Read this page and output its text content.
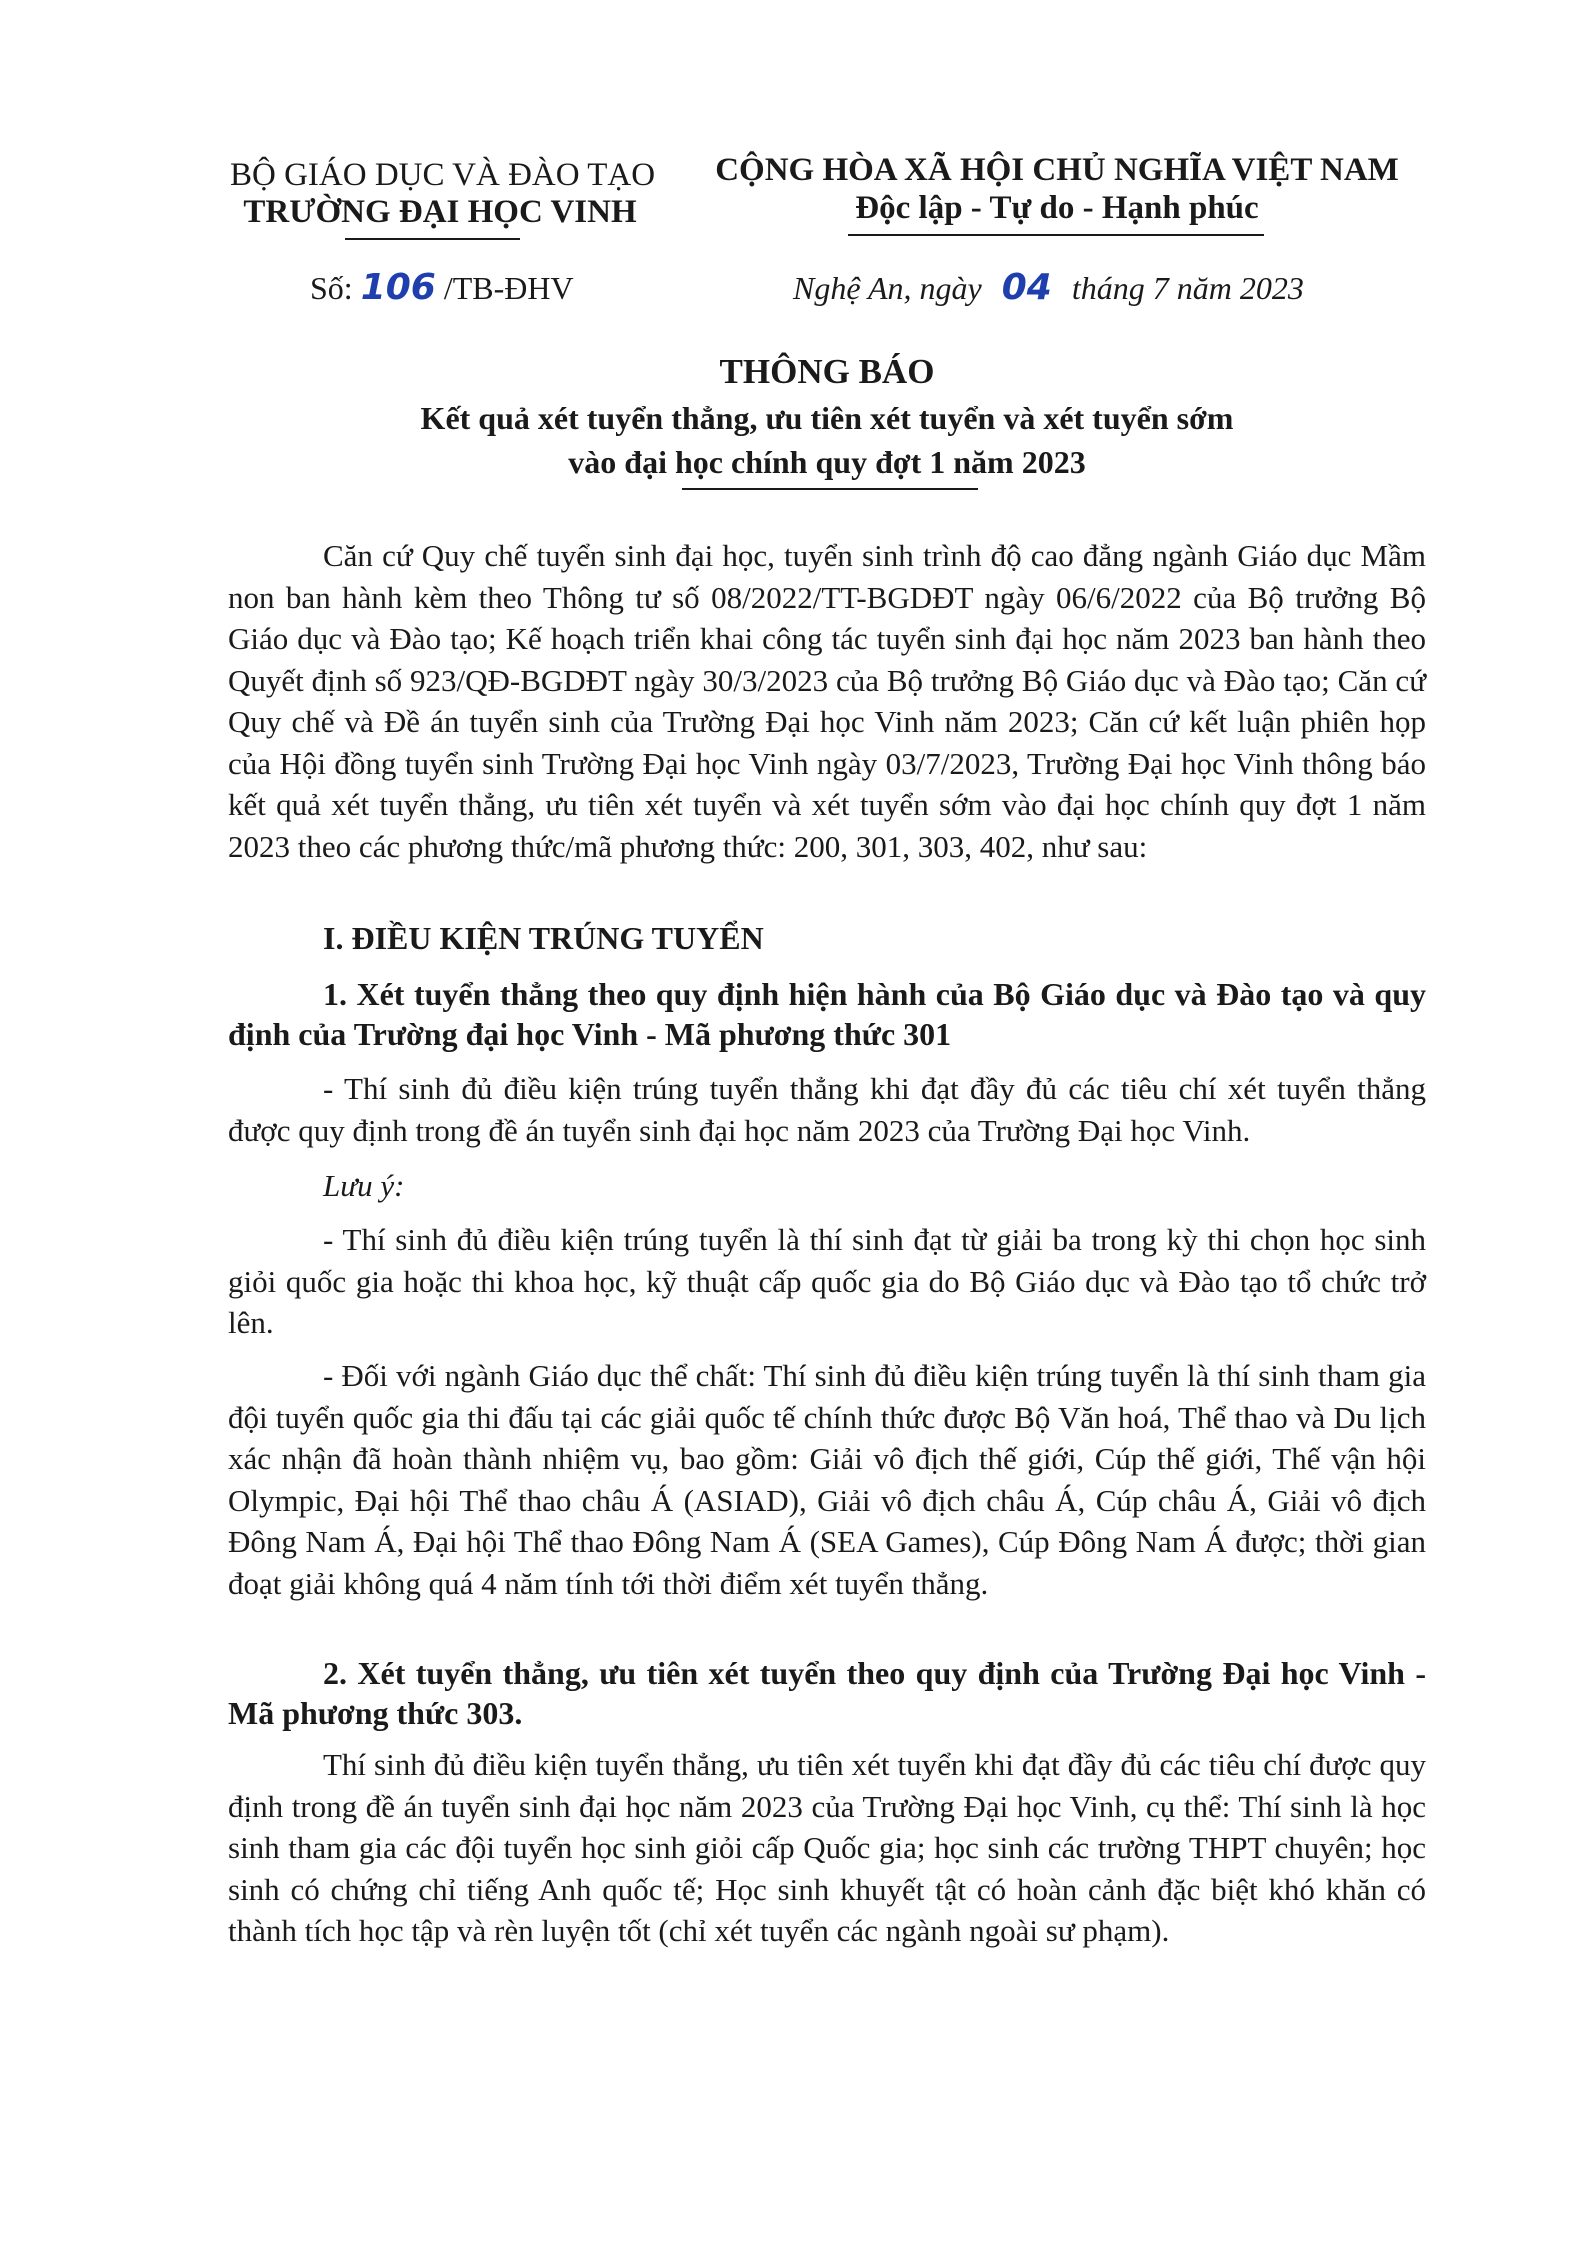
BỘ GIÁO DỤC VÀ ĐÀO TẠO
TRƯỜNG ĐẠI HỌC VINH
CỘNG HÒA XÃ HỘI CHỦ NGHĨA VIỆT NAM
Độc lập - Tự do - Hạnh phúc
Số: 106 /TB-ĐHV	Nghệ An, ngày 04 tháng 7 năm 2023
THÔNG BÁO
Kết quả xét tuyển thẳng, ưu tiên xét tuyển và xét tuyển sớm
vào đại học chính quy đợt 1 năm 2023

Căn cứ Quy chế tuyển sinh đại học, tuyển sinh trình độ cao đẳng ngành Giáo dục Mầm non ban hành kèm theo Thông tư số 08/2022/TT-BGDĐT ngày 06/6/2022 của Bộ trưởng Bộ Giáo dục và Đào tạo; Kế hoạch triển khai công tác tuyển sinh đại học năm 2023 ban hành theo Quyết định số 923/QĐ-BGDĐT ngày 30/3/2023 của Bộ trưởng Bộ Giáo dục và Đào tạo; Căn cứ Quy chế và Đề án tuyển sinh của Trường Đại học Vinh năm 2023; Căn cứ kết luận phiên họp của Hội đồng tuyển sinh Trường Đại học Vinh ngày 03/7/2023, Trường Đại học Vinh thông báo kết quả xét tuyển thẳng, ưu tiên xét tuyển và xét tuyển sớm vào đại học chính quy đợt 1 năm 2023 theo các phương thức/mã phương thức: 200, 301, 303, 402, như sau:

I. ĐIỀU KIỆN TRÚNG TUYỂN

1. Xét tuyển thẳng theo quy định hiện hành của Bộ Giáo dục và Đào tạo và quy định của Trường đại học Vinh - Mã phương thức 301

- Thí sinh đủ điều kiện trúng tuyển thẳng khi đạt đầy đủ các tiêu chí xét tuyển thẳng được quy định trong đề án tuyển sinh đại học năm 2023 của Trường Đại học Vinh.

Lưu ý:

- Thí sinh đủ điều kiện trúng tuyển là thí sinh đạt từ giải ba trong kỳ thi chọn học sinh giỏi quốc gia hoặc thi khoa học, kỹ thuật cấp quốc gia do Bộ Giáo dục và Đào tạo tổ chức trở lên.

- Đối với ngành Giáo dục thể chất: Thí sinh đủ điều kiện trúng tuyển là thí sinh tham gia đội tuyển quốc gia thi đấu tại các giải quốc tế chính thức được Bộ Văn hoá, Thể thao và Du lịch xác nhận đã hoàn thành nhiệm vụ, bao gồm: Giải vô địch thế giới, Cúp thế giới, Thế vận hội Olympic, Đại hội Thể thao châu Á (ASIAD), Giải vô địch châu Á, Cúp châu Á, Giải vô địch Đông Nam Á, Đại hội Thể thao Đông Nam Á (SEA Games), Cúp Đông Nam Á được; thời gian đoạt giải không quá 4 năm tính tới thời điểm xét tuyển thẳng.

2. Xét tuyển thẳng, ưu tiên xét tuyển theo quy định của Trường Đại học Vinh - Mã phương thức 303.

Thí sinh đủ điều kiện tuyển thẳng, ưu tiên xét tuyển khi đạt đầy đủ các tiêu chí được quy định trong đề án tuyển sinh đại học năm 2023 của Trường Đại học Vinh, cụ thể: Thí sinh là học sinh tham gia các đội tuyển học sinh giỏi cấp Quốc gia; học sinh các trường THPT chuyên; học sinh có chứng chỉ tiếng Anh quốc tế; Học sinh khuyết tật có hoàn cảnh đặc biệt khó khăn có thành tích học tập và rèn luyện tốt (chỉ xét tuyển các ngành ngoài sư phạm).
